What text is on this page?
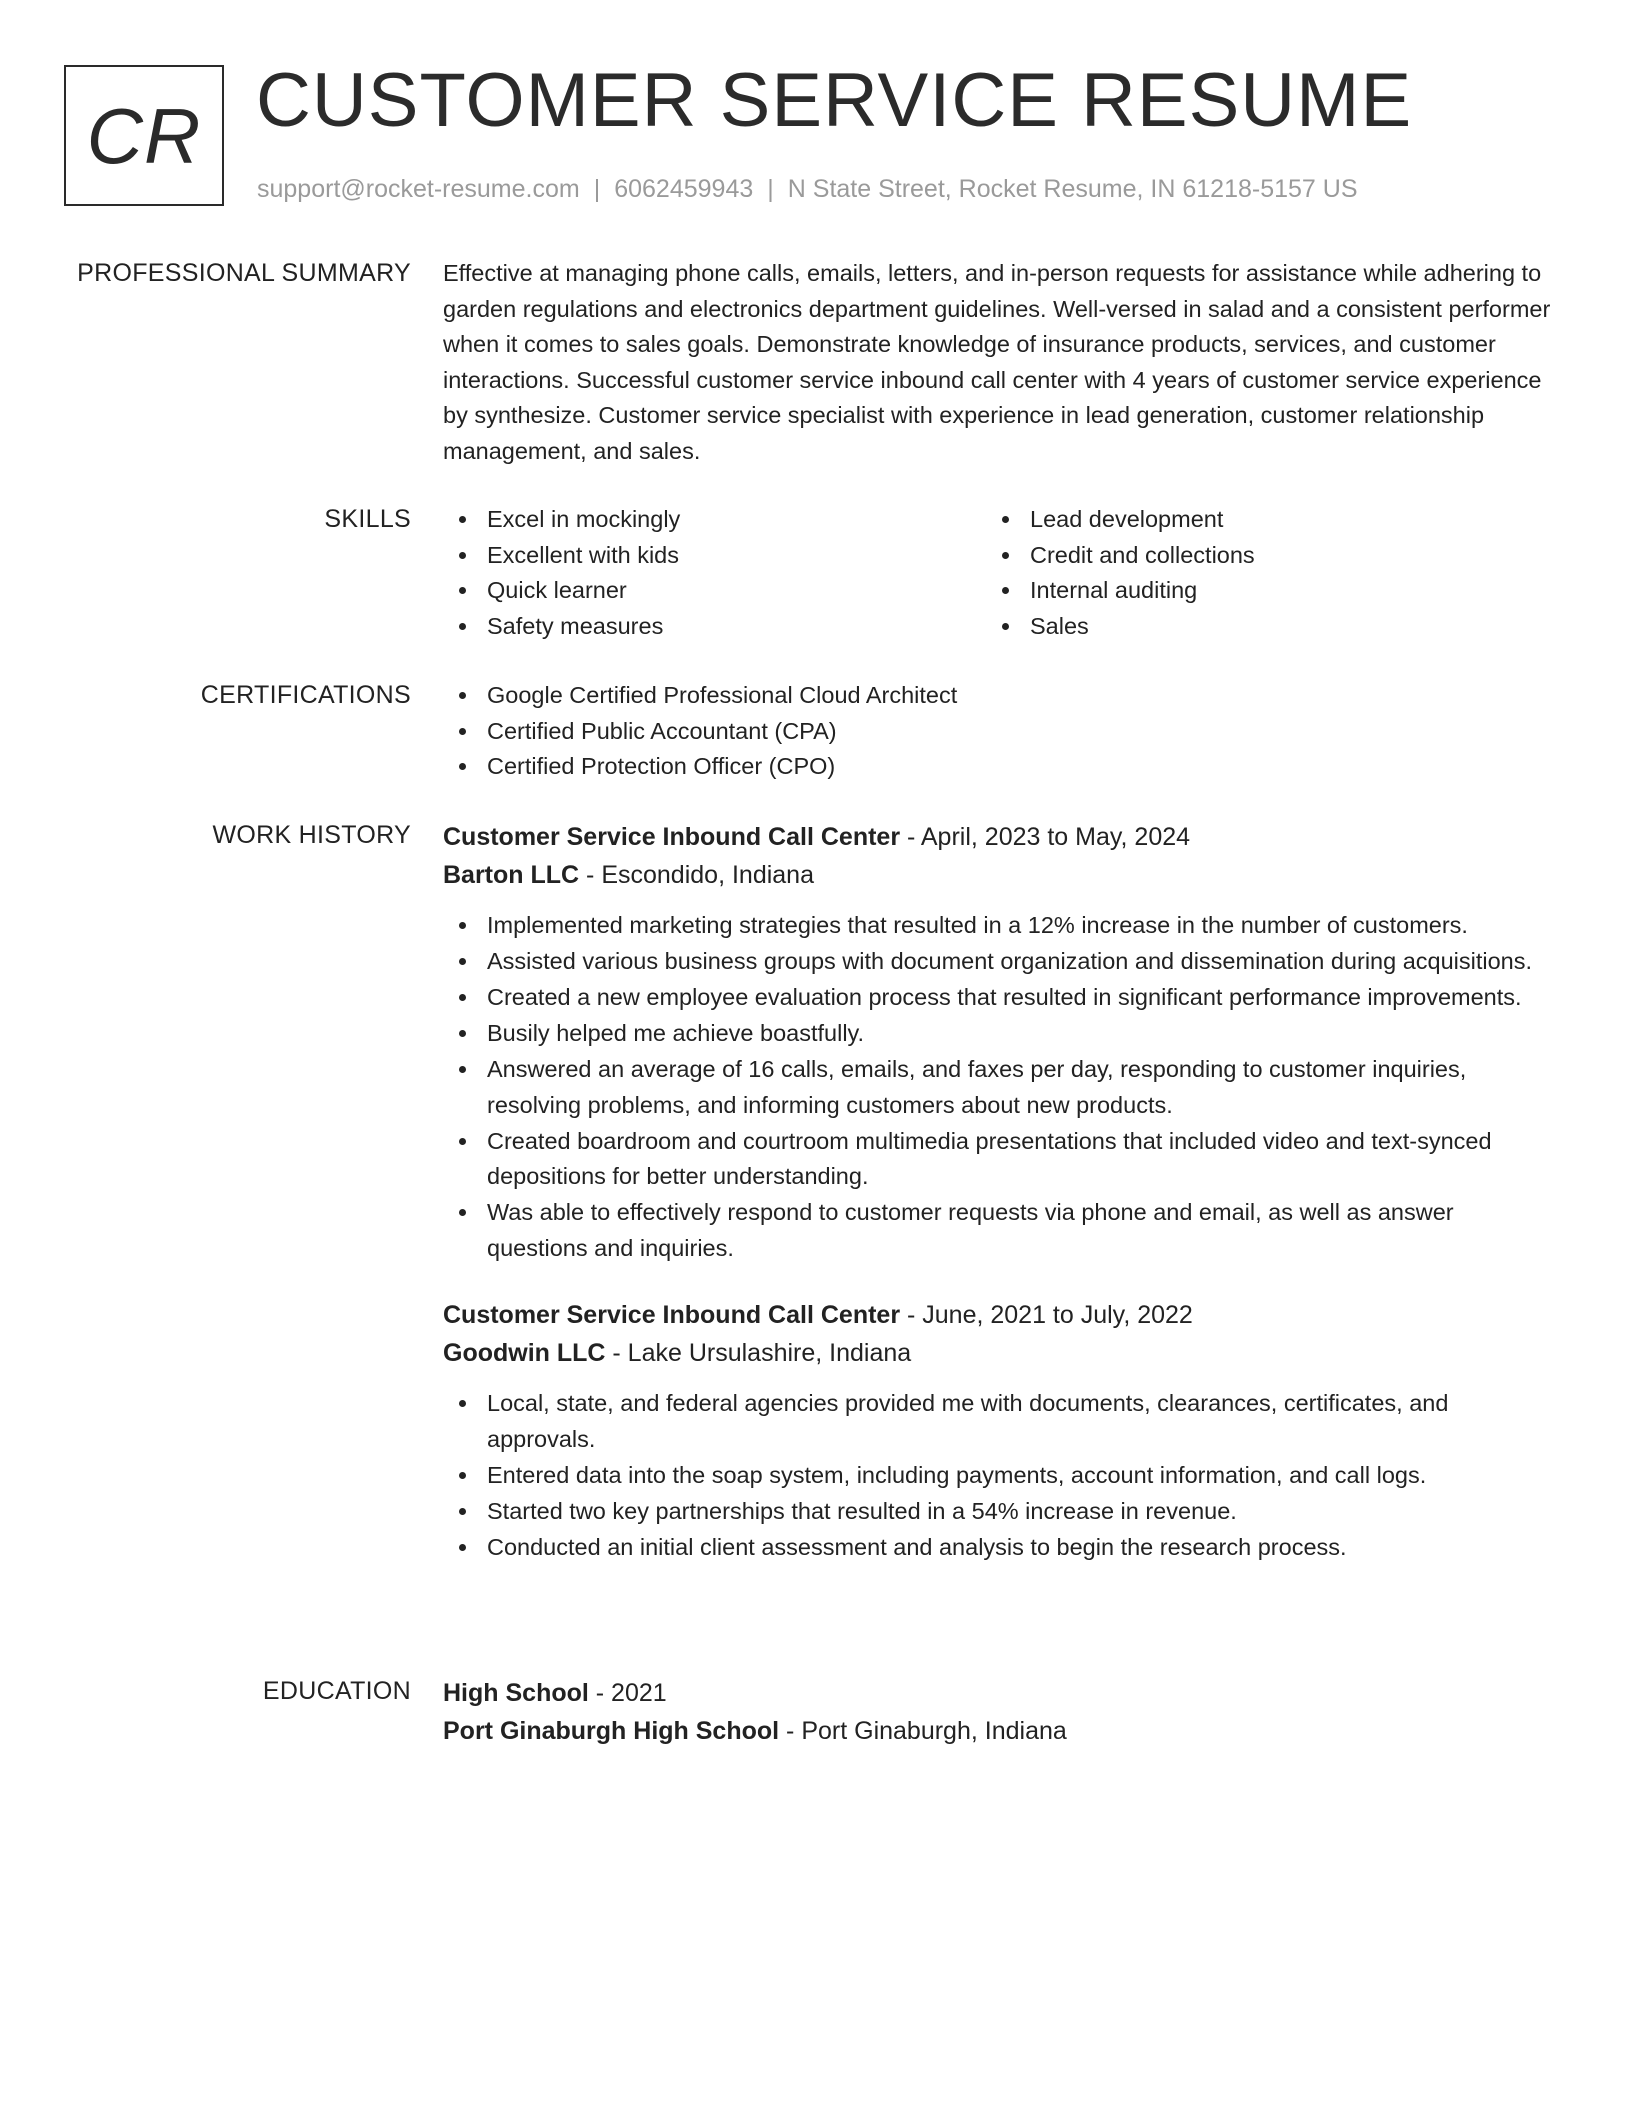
CR CUSTOMER SERVICE RESUME
support@rocket-resume.com | 6062459943 | N State Street, Rocket Resume, IN 61218-5157 US
PROFESSIONAL SUMMARY Effective at managing phone calls, emails, letters, and in-person requests for assistance while adhering to garden regulations and electronics department guidelines. Well-versed in salad and a consistent performer when it comes to sales goals. Demonstrate knowledge of insurance products, services, and customer interactions. Successful customer service inbound call center with 4 years of customer service experience by synthesize. Customer service specialist with experience in lead generation, customer relationship management, and sales.

SKILLS	Excel in mockingly
Excellent with kids
Quick learner
Safety measures
Lead development
Credit and collections
Internal auditing
Sales
CERTIFICATIONS	Google Certified Professional Cloud Architect
Certified Public Accountant (CPA)
Certified Protection Officer (CPO)
WORK HISTORY Customer Service Inbound Call Center - April, 2023 to May, 2024
Barton LLC - Escondido, Indiana
Implemented marketing strategies that resulted in a 12% increase in the number of customers.
Assisted various business groups with document organization and dissemination during acquisitions.
Created a new employee evaluation process that resulted in significant performance improvements.
Busily helped me achieve boastfully.
Answered an average of 16 calls, emails, and faxes per day, responding to customer inquiries, resolving problems, and informing customers about new products.
Created boardroom and courtroom multimedia presentations that included video and text-synced depositions for better understanding.
Was able to effectively respond to customer requests via phone and email, as well as answer questions and inquiries.
Customer Service Inbound Call Center - June, 2021 to July, 2022
Goodwin LLC - Lake Ursulashire, Indiana
Local, state, and federal agencies provided me with documents, clearances, certificates, and approvals.
Entered data into the soap system, including payments, account information, and call logs.
Started two key partnerships that resulted in a 54% increase in revenue.
Conducted an initial client assessment and analysis to begin the research process.
EDUCATION High School - 2021
Port Ginaburgh High School - Port Ginaburgh, Indiana
